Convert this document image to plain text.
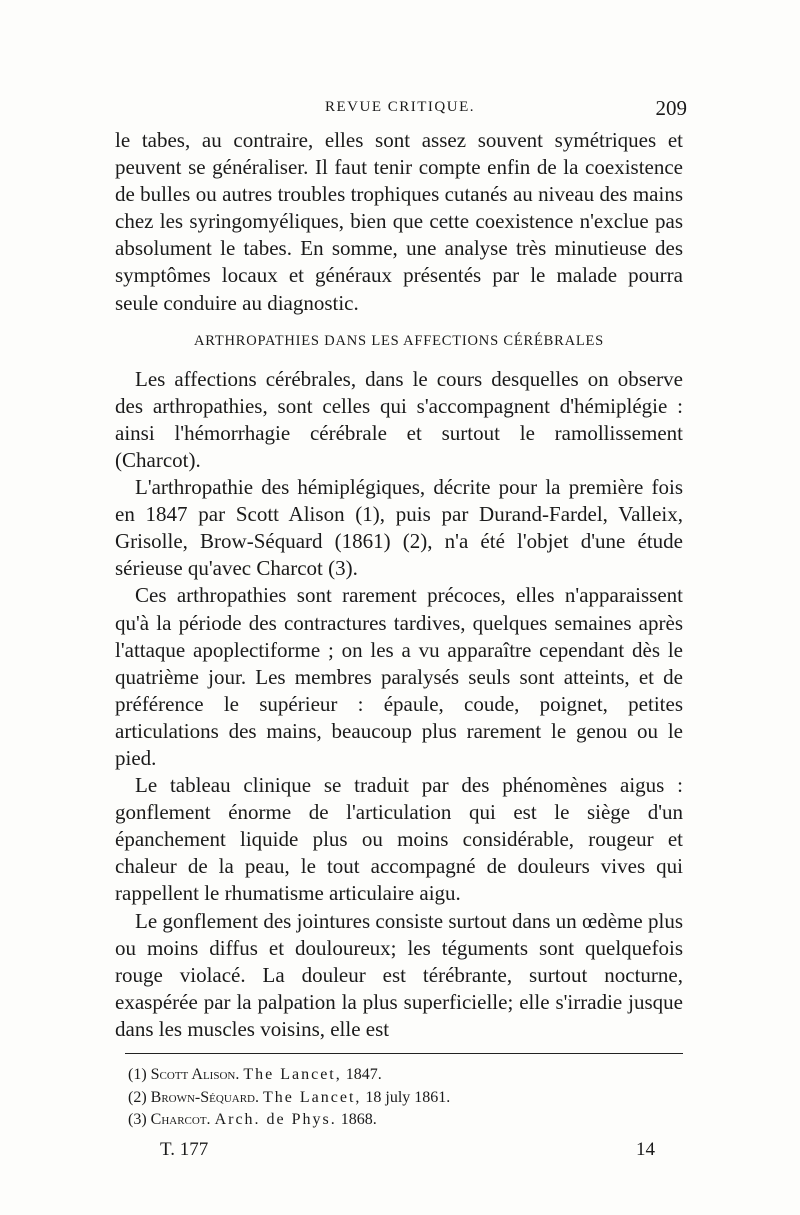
REVUE CRITIQUE.	209

le tabes, au contraire, elles sont assez souvent symétriques et peuvent se généraliser. Il faut tenir compte enfin de la coexistence de bulles ou autres troubles trophiques cutanés au niveau des mains chez les syringomyéliques, bien que cette coexistence n'exclue pas absolument le tabes. En somme, une analyse très minutieuse des symptômes locaux et généraux présentés par le malade pourra seule conduire au diagnostic.

ARTHROPATHIES DANS LES AFFECTIONS CÉRÉBRALES

Les affections cérébrales, dans le cours desquelles on observe des arthropathies, sont celles qui s'accompagnent d'hémiplégie : ainsi l'hémorrhagie cérébrale et surtout le ramollissement (Charcot).

L'arthropathie des hémiplégiques, décrite pour la première fois en 1847 par Scott Alison (1), puis par Durand-Fardel, Valleix, Grisolle, Brow-Séquard (1861) (2), n'a été l'objet d'une étude sérieuse qu'avec Charcot (3).

Ces arthropathies sont rarement précoces, elles n'apparaissent qu'à la période des contractures tardives, quelques semaines après l'attaque apoplectiforme ; on les a vu apparaître cependant dès le quatrième jour. Les membres paralysés seuls sont atteints, et de préférence le supérieur : épaule, coude, poignet, petites articulations des mains, beaucoup plus rarement le genou ou le pied.

Le tableau clinique se traduit par des phénomènes aigus : gonflement énorme de l'articulation qui est le siège d'un épanchement liquide plus ou moins considérable, rougeur et chaleur de la peau, le tout accompagné de douleurs vives qui rappellent le rhumatisme articulaire aigu.

Le gonflement des jointures consiste surtout dans un œdème plus ou moins diffus et douloureux; les téguments sont quelquefois rouge violacé. La douleur est térébrante, surtout nocturne, exaspérée par la palpation la plus superficielle; elle s'irradie jusque dans les muscles voisins, elle est

(1) Scott Alison. The Lancet, 1847.
(2) Brown-Séquard. The Lancet, 18 july 1861.
(3) Charcot. Arch. de Phys. 1868.
T. 177	14
